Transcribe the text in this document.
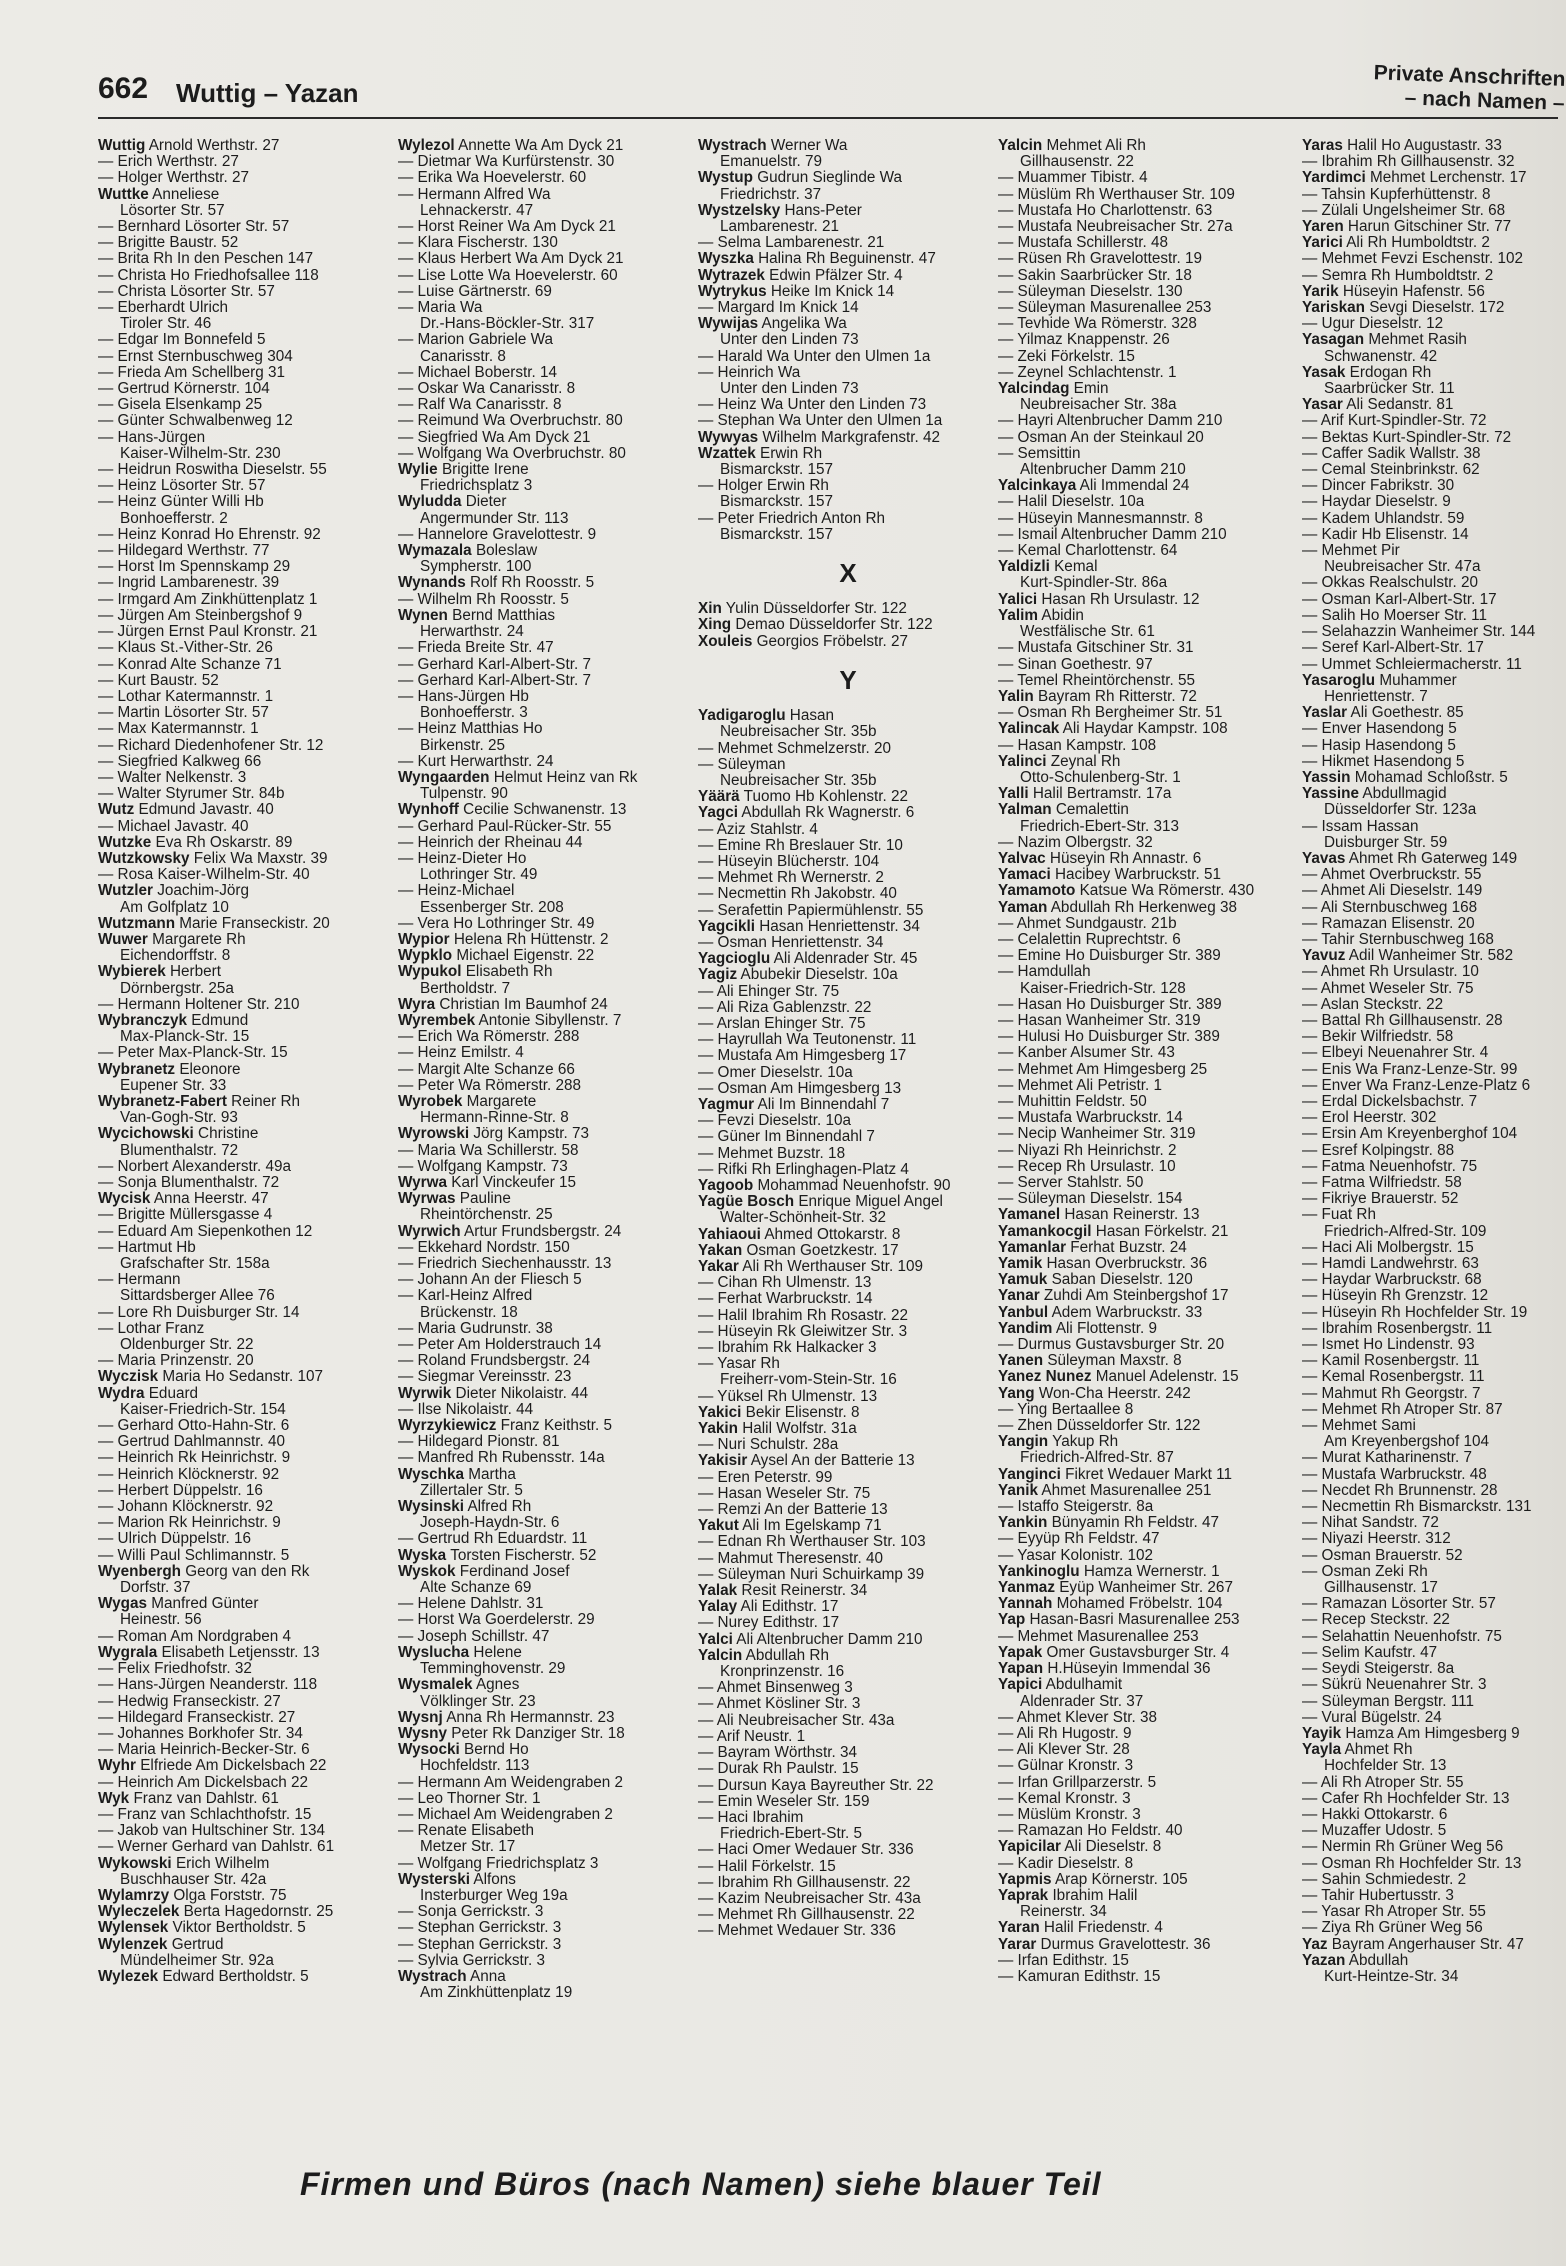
662 Wuttig – Yazan
Private Anschriften
– nach Namen –
Wuttig Arnold Werthstr. 27
— Erich Werthstr. 27
— Holger Werthstr. 27
Wuttke Anneliese
Lösorter Str. 57
— Bernhard Lösorter Str. 57
— Brigitte Baustr. 52
— Brita Rh In den Peschen 147
— Christa Ho Friedhofsallee 118
— Christa Lösorter Str. 57
— Eberhardt Ulrich
Tiroler Str. 46
— Edgar Im Bonnefeld 5
— Ernst Sternbuschweg 304
— Frieda Am Schellberg 31
— Gertrud Körnerstr. 104
— Gisela Elsenkamp 25
— Günter Schwalbenweg 12
— Hans-Jürgen
Kaiser-Wilhelm-Str. 230
— Heidrun Roswitha Dieselstr. 55
— Heinz Lösorter Str. 57
— Heinz Günter Willi Hb
Bonhoefferstr. 2
— Heinz Konrad Ho Ehrenstr. 92
— Hildegard Werthstr. 77
— Horst Im Spennskamp 29
— Ingrid Lambarenestr. 39
— Irmgard Am Zinkhüttenplatz 1
— Jürgen Am Steinbergshof 9
— Jürgen Ernst Paul Kronstr. 21
— Klaus St.-Vither-Str. 26
— Konrad Alte Schanze 71
— Kurt Baustr. 52
— Lothar Katermannstr. 1
— Martin Lösorter Str. 57
— Max Katermannstr. 1
— Richard Diedenhofener Str. 12
— Siegfried Kalkweg 66
— Walter Nelkenstr. 3
— Walter Styrumer Str. 84b
Wutz Edmund Javastr. 40
— Michael Javastr. 40
Wutzke Eva Rh Oskarstr. 89
Wutzkowsky Felix Wa Maxstr. 39
— Rosa Kaiser-Wilhelm-Str. 40
Wutzler Joachim-Jörg
Am Golfplatz 10
Wutzmann Marie Franseckistr. 20
Wuwer Margarete Rh
Eichendorffstr. 8
Wybierek Herbert
Dörnbergstr. 25a
— Hermann Holtener Str. 210
Wybranczyk Edmund
Max-Planck-Str. 15
— Peter Max-Planck-Str. 15
Wybranetz Eleonore
Eupener Str. 33
Wybranetz-Fabert Reiner Rh
Van-Gogh-Str. 93
Wycichowski Christine
Blumenthalstr. 72
— Norbert Alexanderstr. 49a
— Sonja Blumenthalstr. 72
Wycisk Anna Heerstr. 47
— Brigitte Müllersgasse 4
— Eduard Am Siepenkothen 12
— Hartmut Hb
Grafschafter Str. 158a
— Hermann
Sittardsberger Allee 76
— Lore Rh Duisburger Str. 14
— Lothar Franz
Oldenburger Str. 22
— Maria Prinzenstr. 20
Wyczisk Maria Ho Sedanstr. 107
Wydra Eduard
Kaiser-Friedrich-Str. 154
— Gerhard Otto-Hahn-Str. 6
— Gertrud Dahlmannstr. 40
— Heinrich Rk Heinrichstr. 9
— Heinrich Klöcknerstr. 92
— Herbert Düppelstr. 16
— Johann Klöcknerstr. 92
— Marion Rk Heinrichstr. 9
— Ulrich Düppelstr. 16
— Willi Paul Schlimannstr. 5
Wyenbergh Georg van den Rk
Dorfstr. 37
Wygas Manfred Günter
Heinestr. 56
— Roman Am Nordgraben 4
Wygrala Elisabeth Letjensstr. 13
— Felix Friedhofstr. 32
— Hans-Jürgen Neanderstr. 118
— Hedwig Franseckistr. 27
— Hildegard Franseckistr. 27
— Johannes Borkhofer Str. 34
— Maria Heinrich-Becker-Str. 6
Wyhr Elfriede Am Dickelsbach 22
— Heinrich Am Dickelsbach 22
Wyk Franz van Dahlstr. 61
— Franz van Schlachthofstr. 15
— Jakob van Hultschiner Str. 134
— Werner Gerhard van Dahlstr. 61
Wykowski Erich Wilhelm
Buschhauser Str. 42a
Wylamrzy Olga Forststr. 75
Wyleczelek Berta Hagedornstr. 25
Wylensek Viktor Bertholdstr. 5
Wylenzek Gertrud
Mündelheimer Str. 92a
Wylezek Edward Bertholdstr. 5
Wylezol Annette Wa Am Dyck 21
— Dietmar Wa Kurfürstenstr. 30
— Erika Wa Hoevelerstr. 60
— Hermann Alfred Wa
Lehnackerstr. 47
— Horst Reiner Wa Am Dyck 21
— Klara Fischerstr. 130
— Klaus Herbert Wa Am Dyck 21
— Lise Lotte Wa Hoevelerstr. 60
— Luise Gärtnerstr. 69
— Maria Wa
Dr.-Hans-Böckler-Str. 317
— Marion Gabriele Wa
Canarisstr. 8
— Michael Boberstr. 14
— Oskar Wa Canarisstr. 8
— Ralf Wa Canarisstr. 8
— Reimund Wa Overbruchstr. 80
— Siegfried Wa Am Dyck 21
— Wolfgang Wa Overbruchstr. 80
Wylie Brigitte Irene
Friedrichsplatz 3
Wyludda Dieter
Angermunder Str. 113
— Hannelore Gravelottestr. 9
Wymazala Boleslaw
Sympherstr. 100
Wynands Rolf Rh Roosstr. 5
— Wilhelm Rh Roosstr. 5
Wynen Bernd Matthias
Herwarthstr. 24
— Frieda Breite Str. 47
— Gerhard Karl-Albert-Str. 7
— Gerhard Karl-Albert-Str. 7
— Hans-Jürgen Hb
Bonhoefferstr. 3
— Heinz Matthias Ho
Birkenstr. 25
— Kurt Herwarthstr. 24
Wyngaarden Helmut Heinz van Rk
Tulpenstr. 90
Wynhoff Cecilie Schwanenstr. 13
— Gerhard Paul-Rücker-Str. 55
— Heinrich der Rheinau 44
— Heinz-Dieter Ho
Lothringer Str. 49
— Heinz-Michael
Essenberger Str. 208
— Vera Ho Lothringer Str. 49
Wypior Helena Rh Hüttenstr. 2
Wypklo Michael Eigenstr. 22
Wypukol Elisabeth Rh
Bertholdstr. 7
Wyra Christian Im Baumhof 24
Wyrembek Antonie Sibyllenstr. 7
— Erich Wa Römerstr. 288
— Heinz Emilstr. 4
— Margit Alte Schanze 66
— Peter Wa Römerstr. 288
Wyrobek Margarete
Hermann-Rinne-Str. 8
Wyrowski Jörg Kampstr. 73
— Maria Wa Schillerstr. 58
— Wolfgang Kampstr. 73
Wyrwa Karl Vinckeufer 15
Wyrwas Pauline
Rheintörchenstr. 25
Wyrwich Artur Frundsbergstr. 24
— Ekkehard Nordstr. 150
— Friedrich Siechenhausstr. 13
— Johann An der Fliesch 5
— Karl-Heinz Alfred
Brückenstr. 18
— Maria Gudrunstr. 38
— Peter Am Holderstrauch 14
— Roland Frundsbergstr. 24
— Siegmar Vereinsstr. 23
Wyrwik Dieter Nikolaistr. 44
— Ilse Nikolaistr. 44
Wyrzykiewicz Franz Keithstr. 5
— Hildegard Pionstr. 81
— Manfred Rh Rubensstr. 14a
Wyschka Martha
Zillertaler Str. 5
Wysinski Alfred Rh
Joseph-Haydn-Str. 6
— Gertrud Rh Eduardstr. 11
Wyska Torsten Fischerstr. 52
Wyskok Ferdinand Josef
Alte Schanze 69
— Helene Dahlstr. 31
— Horst Wa Goerdelerstr. 29
— Joseph Schillstr. 47
Wyslucha Helene
Temminghovenstr. 29
Wysmalek Agnes
Völklinger Str. 23
Wysnj Anna Rh Hermannstr. 23
Wysny Peter Rk Danziger Str. 18
Wysocki Bernd Ho
Hochfeldstr. 113
— Hermann Am Weidengraben 2
— Leo Thorner Str. 1
— Michael Am Weidengraben 2
— Renate Elisabeth
Metzer Str. 17
— Wolfgang Friedrichsplatz 3
Wysterski Alfons
Insterburger Weg 19a
— Sonja Gerrickstr. 3
— Stephan Gerrickstr. 3
— Stephan Gerrickstr. 3
— Sylvia Gerrickstr. 3
Wystrach Anna
Am Zinkhüttenplatz 19
Wystrach Werner Wa
Emanuelstr. 79
Wystup Gudrun Sieglinde Wa
Friedrichstr. 37
Wystzelsky Hans-Peter
Lambarenestr. 21
— Selma Lambarenestr. 21
Wyszka Halina Rh Beguinenstr. 47
Wytrazek Edwin Pfälzer Str. 4
Wytrykus Heike Im Knick 14
— Margard Im Knick 14
Wywijas Angelika Wa
Unter den Linden 73
— Harald Wa Unter den Ulmen 1a
— Heinrich Wa
Unter den Linden 73
— Heinz Wa Unter den Linden 73
— Stephan Wa Unter den Ulmen 1a
Wywyas Wilhelm Markgrafenstr. 42
Wzattek Erwin Rh
Bismarckstr. 157
— Holger Erwin Rh
Bismarckstr. 157
— Peter Friedrich Anton Rh
Bismarckstr. 157
X
Xin Yulin Düsseldorfer Str. 122
Xing Demao Düsseldorfer Str. 122
Xouleis Georgios Fröbelstr. 27
Y
Yadigaroglu Hasan
Neubreisacher Str. 35b
— Mehmet Schmelzerstr. 20
— Süleyman
Neubreisacher Str. 35b
Yäärä Tuomo Hb Kohlenstr. 22
Yagci Abdullah Rk Wagnerstr. 6
— Aziz Stahlstr. 4
— Emine Rh Breslauer Str. 10
— Hüseyin Blücherstr. 104
— Mehmet Rh Wernerstr. 2
— Necmettin Rh Jakobstr. 40
— Serafettin Papiermühlenstr. 55
Yagcikli Hasan Henriettenstr. 34
— Osman Henriettenstr. 34
Yagcioglu Ali Aldenrader Str. 45
Yagiz Abubekir Dieselstr. 10a
— Ali Ehinger Str. 75
— Ali Riza Gablenzstr. 22
— Arslan Ehinger Str. 75
— Hayrullah Wa Teutonenstr. 11
— Mustafa Am Himgesberg 17
— Ömer Dieselstr. 10a
— Osman Am Himgesberg 13
Yagmur Ali Im Binnendahl 7
— Fevzi Dieselstr. 10a
— Güner Im Binnendahl 7
— Mehmet Buzstr. 18
— Rifki Rh Erlinghagen-Platz 4
Yagoob Mohammad Neuenhofstr. 90
Yagüe Bosch Enrique Miguel Angel
Walter-Schönheit-Str. 32
Yahiaoui Ahmed Ottokarstr. 8
Yakan Osman Goetzkestr. 17
Yakar Ali Rh Werthauser Str. 109
— Cihan Rh Ulmenstr. 13
— Ferhat Warbruckstr. 14
— Halil Ibrahim Rh Rosastr. 22
— Hüseyin Rk Gleiwitzer Str. 3
— Ibrahim Rk Halkacker 3
— Yasar Rh
Freiherr-vom-Stein-Str. 16
— Yüksel Rh Ulmenstr. 13
Yakici Bekir Elisenstr. 8
Yakin Halil Wolfstr. 31a
— Nuri Schulstr. 28a
Yakisir Aysel An der Batterie 13
— Eren Peterstr. 99
— Hasan Weseler Str. 75
— Remzi An der Batterie 13
Yakut Ali Im Egelskamp 71
— Ednan Rh Werthauser Str. 103
— Mahmut Theresenstr. 40
— Süleyman Nuri Schuirkamp 39
Yalak Resit Reinerstr. 34
Yalay Ali Edithstr. 17
— Nurey Edithstr. 17
Yalci Ali Altenbrucher Damm 210
Yalcin Abdullah Rh
Kronprinzenstr. 16
— Ahmet Binsenweg 3
— Ahmet Kösliner Str. 3
— Ali Neubreisacher Str. 43a
— Arif Neustr. 1
— Bayram Wörthstr. 34
— Durak Rh Paulstr. 15
— Dursun Kaya Bayreuther Str. 22
— Emin Weseler Str. 159
— Haci Ibrahim
Friedrich-Ebert-Str. 5
— Haci Ömer Wedauer Str. 336
— Halil Förkelstr. 15
— Ibrahim Rh Gillhausenstr. 22
— Kazim Neubreisacher Str. 43a
— Mehmet Rh Gillhausenstr. 22
— Mehmet Wedauer Str. 336
Yalcin Mehmet Ali Rh
Gillhausenstr. 22
— Muammer Tibistr. 4
— Müslüm Rh Werthauser Str. 109
— Mustafa Ho Charlottenstr. 63
— Mustafa Neubreisacher Str. 27a
— Mustafa Schillerstr. 48
— Rüsen Rh Gravelottestr. 19
— Sakin Saarbrücker Str. 18
— Süleyman Dieselstr. 130
— Süleyman Masurenallee 253
— Tevhide Wa Römerstr. 328
— Yilmaz Knappenstr. 26
— Zeki Förkelstr. 15
— Zeynel Schlachtenstr. 1
Yalcindag Emin
Neubreisacher Str. 38a
— Hayri Altenbrucher Damm 210
— Osman An der Steinkaul 20
— Semsittin
Altenbrucher Damm 210
Yalcinkaya Ali Immendal 24
— Halil Dieselstr. 10a
— Hüseyin Mannesmannstr. 8
— Ismail Altenbrucher Damm 210
— Kemal Charlottenstr. 64
Yaldizli Kemal
Kurt-Spindler-Str. 86a
Yalici Hasan Rh Ursulastr. 12
Yalim Abidin
Westfälische Str. 61
— Mustafa Gitschiner Str. 31
— Sinan Goethestr. 97
— Temel Rheintörchenstr. 55
Yalin Bayram Rh Ritterstr. 72
— Osman Rh Bergheimer Str. 51
Yalincak Ali Haydar Kampstr. 108
— Hasan Kampstr. 108
Yalinci Zeynal Rh
Otto-Schulenberg-Str. 1
Yalli Halil Bertramstr. 17a
Yalman Cemalettin
Friedrich-Ebert-Str. 313
— Nazim Ölbergstr. 32
Yalvac Hüseyin Rh Annastr. 6
Yamaci Hacibey Warbruckstr. 51
Yamamoto Katsue Wa Römerstr. 430
Yaman Abdullah Rh Herkenweg 38
— Ahmet Sundgaustr. 21b
— Celalettin Ruprechtstr. 6
— Emine Ho Duisburger Str. 389
— Hamdullah
Kaiser-Friedrich-Str. 128
— Hasan Ho Duisburger Str. 389
— Hasan Wanheimer Str. 319
— Hulusi Ho Duisburger Str. 389
— Kanber Alsumer Str. 43
— Mehmet Am Himgesberg 25
— Mehmet Ali Petristr. 1
— Muhittin Feldstr. 50
— Mustafa Warbruckstr. 14
— Necip Wanheimer Str. 319
— Niyazi Rh Heinrichstr. 2
— Recep Rh Ursulastr. 10
— Server Stahlstr. 50
— Süleyman Dieselstr. 154
Yamanel Hasan Reinerstr. 13
Yamankocgil Hasan Förkelstr. 21
Yamanlar Ferhat Buzstr. 24
Yamik Hasan Overbruckstr. 36
Yamuk Saban Dieselstr. 120
Yanar Zuhdi Am Steinbergshof 17
Yanbul Adem Warbruckstr. 33
Yandim Ali Flottenstr. 9
— Durmus Gustavsburger Str. 20
Yanen Süleyman Maxstr. 8
Yanez Nunez Manuel Adelenstr. 15
Yang Won-Cha Heerstr. 242
— Ying Bertaallee 8
— Zhen Düsseldorfer Str. 122
Yangin Yakup Rh
Friedrich-Alfred-Str. 87
Yanginci Fikret Wedauer Markt 11
Yanik Ahmet Masurenallee 251
— Istaffo Steigerstr. 8a
Yankin Bünyamin Rh Feldstr. 47
— Eyyüp Rh Feldstr. 47
— Yasar Kolonistr. 102
Yankinoglu Hamza Wernerstr. 1
Yanmaz Eyüp Wanheimer Str. 267
Yannah Mohamed Fröbelstr. 104
Yap Hasan-Basri Masurenallee 253
— Mehmet Masurenallee 253
Yapak Ömer Gustavsburger Str. 4
Yapan H.Hüseyin Immendal 36
Yapici Abdulhamit
Aldenrader Str. 37
— Ahmet Klever Str. 38
— Ali Rh Hugostr. 9
— Ali Klever Str. 28
— Gülnar Kronstr. 3
— Irfan Grillparzerstr. 5
— Kemal Kronstr. 3
— Müslüm Kronstr. 3
— Ramazan Ho Feldstr. 40
Yapicilar Ali Dieselstr. 8
— Kadir Dieselstr. 8
Yapmis Arap Körnerstr. 105
Yaprak Ibrahim Halil
Reinerstr. 34
Yaran Halil Friedenstr. 4
Yarar Durmus Gravelottestr. 36
— Irfan Edithstr. 15
— Kamuran Edithstr. 15
Yaras Halil Ho Augustastr. 33
— Ibrahim Rh Gillhausenstr. 32
Yardimci Mehmet Lerchenstr. 17
— Tahsin Kupferhüttenstr. 8
— Zülali Ungelsheimer Str. 68
Yaren Harun Gitschiner Str. 77
Yarici Ali Rh Humboldtstr. 2
— Mehmet Fevzi Eschenstr. 102
— Semra Rh Humboldtstr. 2
Yarik Hüseyin Hafenstr. 56
Yariskan Sevgi Dieselstr. 172
— Ugur Dieselstr. 12
Yasagan Mehmet Rasih
Schwanenstr. 42
Yasak Erdogan Rh
Saarbrücker Str. 11
Yasar Ali Sedanstr. 81
— Arif Kurt-Spindler-Str. 72
— Bektas Kurt-Spindler-Str. 72
— Caffer Sadik Wallstr. 38
— Cemal Steinbrinkstr. 62
— Dincer Fabrikstr. 30
— Haydar Dieselstr. 9
— Kadem Uhlandstr. 59
— Kadir Hb Elisenstr. 14
— Mehmet Pir
Neubreisacher Str. 47a
— Ökkas Realschulstr. 20
— Osman Karl-Albert-Str. 17
— Salih Ho Moerser Str. 11
— Selahazzin Wanheimer Str. 144
— Seref Karl-Albert-Str. 17
— Ümmet Schleiermacherstr. 11
Yasaroglu Muhammer
Henriettenstr. 7
Yaslar Ali Goethestr. 85
— Enver Hasendong 5
— Hasip Hasendong 5
— Hikmet Hasendong 5
Yassin Mohamad Schloßstr. 5
Yassine Abdullmagid
Düsseldorfer Str. 123a
— Issam Hassan
Duisburger Str. 59
Yavas Ahmet Rh Gaterweg 149
— Ahmet Overbruckstr. 55
— Ahmet Ali Dieselstr. 149
— Ali Sternbuschweg 168
— Ramazan Elisenstr. 20
— Tahir Sternbuschweg 168
Yavuz Adil Wanheimer Str. 582
— Ahmet Rh Ursulastr. 10
— Ahmet Weseler Str. 75
— Aslan Steckstr. 22
— Battal Rh Gillhausenstr. 28
— Bekir Wilfriedstr. 58
— Elbeyi Neuenahrer Str. 4
— Enis Wa Franz-Lenze-Str. 99
— Enver Wa Franz-Lenze-Platz 6
— Erdal Dickelsbachstr. 7
— Erol Heerstr. 302
— Ersin Am Kreyenberghof 104
— Esref Kolpingstr. 88
— Fatma Neuenhofstr. 75
— Fatma Wilfriedstr. 58
— Fikriye Brauerstr. 52
— Fuat Rh
Friedrich-Alfred-Str. 109
— Haci Ali Molbergstr. 15
— Hamdi Landwehrstr. 63
— Haydar Warbruckstr. 68
— Hüseyin Rh Grenzstr. 12
— Hüseyin Rh Hochfelder Str. 19
— Ibrahim Rosenbergstr. 11
— Ismet Ho Lindenstr. 93
— Kamil Rosenbergstr. 11
— Kemal Rosenbergstr. 11
— Mahmut Rh Georgstr. 7
— Mehmet Rh Atroper Str. 87
— Mehmet Sami
Am Kreyenbergshof 104
— Murat Katharinenstr. 7
— Mustafa Warbruckstr. 48
— Necdet Rh Brunnenstr. 28
— Necmettin Rh Bismarckstr. 131
— Nihat Sandstr. 72
— Niyazi Heerstr. 312
— Osman Brauerstr. 52
— Osman Zeki Rh
Gillhausenstr. 17
— Ramazan Lösorter Str. 57
— Recep Steckstr. 22
— Selahattin Neuenhofstr. 75
— Selim Kaufstr. 47
— Seydi Steigerstr. 8a
— Sükrü Neuenahrer Str. 3
— Süleyman Bergstr. 111
— Vural Bügelstr. 24
Yayik Hamza Am Himgesberg 9
Yayla Ahmet Rh
Hochfelder Str. 13
— Ali Rh Atroper Str. 55
— Cafer Rh Hochfelder Str. 13
— Hakki Ottokarstr. 6
— Muzaffer Udostr. 5
— Nermin Rh Grüner Weg 56
— Osman Rh Hochfelder Str. 13
— Sahin Schmiedestr. 2
— Tahir Hubertusstr. 3
— Yasar Rh Atroper Str. 55
— Ziya Rh Grüner Weg 56
Yaz Bayram Angerhauser Str. 47
Yazan Abdullah
Kurt-Heintze-Str. 34
Firmen und Büros (nach Namen) siehe blauer Teil
